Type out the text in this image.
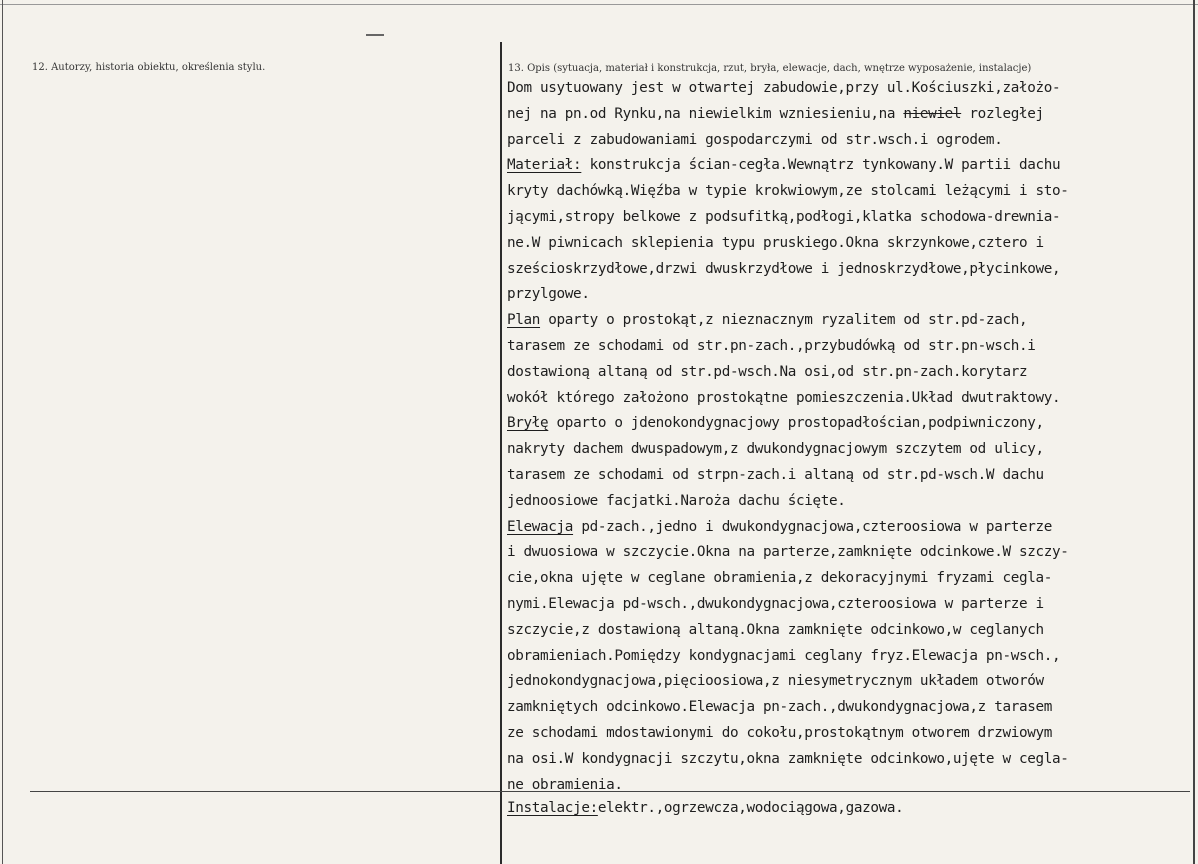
12. Autorzy, historia obiektu, określenia stylu.	13. Opis (sytuacja, materiał i konstrukcja, rzut, bryła, elewacje, dach, wnętrze wyposażenie, instalacje)
Dom usytuowany jest w otwartej zabudowie,przy ul.Kościuszki,założo-
nej na pn.od Rynku,na niewielkim wzniesieniu,na niewiel rozległej
parceli z zabudowaniami gospodarczymi od str.wsch.i ogrodem.
Materiał: konstrukcja ścian-cegła.Wewnątrz tynkowany.W partii dachu
kryty dachówką.Więźba w typie krokwiowym,ze stolcami leżącymi i sto-
jącymi,stropy belkowe z podsufitką,podłogi,klatka schodowa-drewnia-
ne.W piwnicach sklepienia typu pruskiego.Okna skrzynkowe,cztero i
sześcioskrzydłowe,drzwi dwuskrzydłowe i jednoskrzydłowe,płycinkowe,
przylgowe.
Plan oparty o prostokąt,z nieznacznym ryzalitem od str.pd-zach,
tarasem ze schodami od str.pn-zach.,przybudówką od str.pn-wsch.i
dostawioną altaną od str.pd-wsch.Na osi,od str.pn-zach.korytarz
wokół którego założono prostokątne pomieszczenia.Układ dwutraktowy.
Bryłę oparto o jdenokondygnacjowy prostopadłościan,podpiwniczony,
nakryty dachem dwuspadowym,z dwukondygnacjowym szczytem od ulicy,
tarasem ze schodami od strpn-zach.i altaną od str.pd-wsch.W dachu
jednoosiowe facjatki.Naroża dachu ścięte.
Elewacja pd-zach.,jedno i dwukondygnacjowa,czteroosiowa w parterze
i dwuosiowa w szczycie.Okna na parterze,zamknięte odcinkowe.W szczy-
cie,okna ujęte w ceglane obramienia,z dekoracyjnymi fryzami cegla-
nymi.Elewacja pd-wsch.,dwukondygnacjowa,czteroosiowa w parterze i
szczycie,z dostawioną altaną.Okna zamknięte odcinkowo,w ceglanych
obramieniach.Pomiędzy kondygnacjami ceglany fryz.Elewacja pn-wsch.,
jednokondygnacjowa,pięcioosiowa,z niesymetrycznym układem otworów
zamkniętych odcinkowo.Elewacja pn-zach.,dwukondygnacjowa,z tarasem
ze schodami mdostawionymi do cokołu,prostokątnym otworem drzwiowym
na osi.W kondygnacji szczytu,okna zamknięte odcinkowo,ujęte w cegla-
ne obramienia.
Instalacje:elektr.,ogrzewcza,wodociągowa,gazowa.
